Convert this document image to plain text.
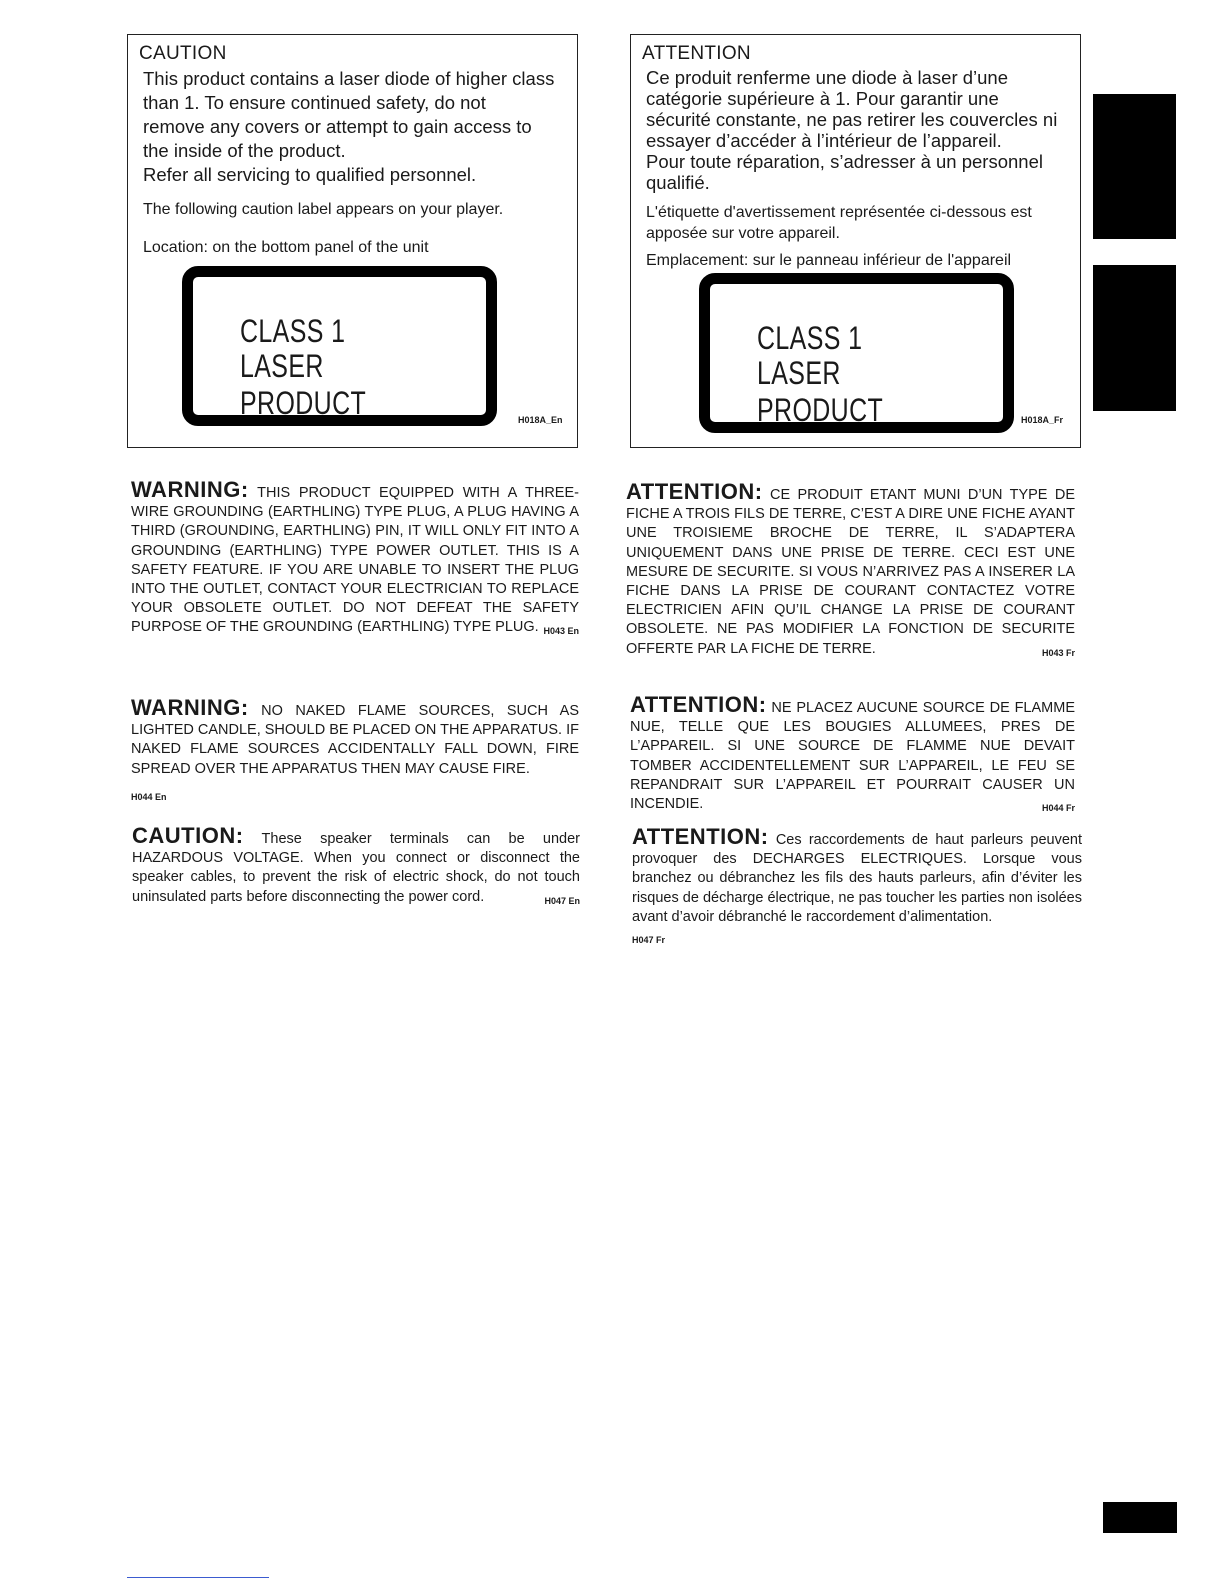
CAUTION

This product contains a laser diode of higher class

than 1. To ensure continued safety, do not

remove any covers or attempt to gain access to

the inside of the product.

Refer all servicing to qualified personnel.

The following caution label appears on your player.
Location: on the bottom panel of the unit
CLASS 1
LASER PRODUCT	H018A_En
ATTENTION

Ce produit renferme une diode à laser d’une

catégorie supérieure à 1. Pour garantir une

sécurité constante, ne pas retirer les couvercles ni

essayer d’accéder à l’intérieur de l’appareil.

Pour toute réparation, s’adresser à un personnel

qualifié.

L'étiquette d'avertissement représentée ci-dessous est apposée sur votre appareil.
Emplacement: sur le panneau inférieur de l'appareil
CLASS 1
LASER PRODUCT	H018A_Fr
WARNING: THIS PRODUCT EQUIPPED WITH A THREE-WIRE GROUNDING (EARTHLING) TYPE PLUG, A PLUG HAVING A THIRD (GROUNDING, EARTHLING) PIN, IT WILL ONLY FIT INTO A GROUNDING (EARTHLING) TYPE POWER OUTLET. THIS IS A SAFETY FEATURE. IF YOU ARE UNABLE TO INSERT THE PLUG INTO THE OUTLET, CONTACT YOUR ELECTRICIAN TO REPLACE YOUR OBSOLETE OUTLET. DO NOT DEFEAT THE SAFETY PURPOSE OF THE GROUNDING (EARTHLING) TYPE PLUG. H043 En
ATTENTION: CE PRODUIT ETANT MUNI D’UN TYPE DE FICHE A TROIS FILS DE TERRE, C’EST A DIRE UNE FICHE AYANT UNE TROISIEME BROCHE DE TERRE, IL S’ADAPTERA UNIQUEMENT DANS UNE PRISE DE TERRE. CECI EST UNE MESURE DE SECURITE. SI VOUS N’ARRIVEZ PAS A INSERER LA FICHE DANS LA PRISE DE COURANT CONTACTEZ VOTRE ELECTRICIEN AFIN QU’IL CHANGE LA PRISE DE COURANT OBSOLETE. NE PAS MODIFIER LA FONCTION DE SECURITE OFFERTE PAR LA FICHE DE TERRE.	H043 Fr
WARNING: NO NAKED FLAME SOURCES, SUCH AS LIGHTED CANDLE, SHOULD BE PLACED ON THE APPARATUS. IF NAKED FLAME SOURCES ACCIDENTALLY FALL DOWN, FIRE SPREAD OVER THE APPARATUS THEN MAY CAUSE FIRE.
H044 En
ATTENTION: NE PLACEZ AUCUNE SOURCE DE FLAMME NUE, TELLE QUE LES BOUGIES ALLUMEES, PRES DE L’APPAREIL. SI UNE SOURCE DE FLAMME NUE DEVAIT TOMBER ACCIDENTELLEMENT SUR L’APPAREIL, LE FEU SE REPANDRAIT SUR L’APPAREIL ET POURRAIT CAUSER UN INCENDIE.	H044 Fr
CAUTION: These speaker terminals can be under HAZARDOUS VOLTAGE. When you connect or disconnect the speaker cables, to prevent the risk of electric shock, do not touch uninsulated parts before disconnecting the power cord.	H047 En
ATTENTION: Ces raccordements de haut parleurs peuvent provoquer des DECHARGES ELECTRIQUES. Lorsque vous branchez ou débranchez les fils des hauts parleurs, afin d’éviter les risques de décharge électrique, ne pas toucher les parties non isolées avant d’avoir débranché le raccordement d’alimentation.
H047 Fr
